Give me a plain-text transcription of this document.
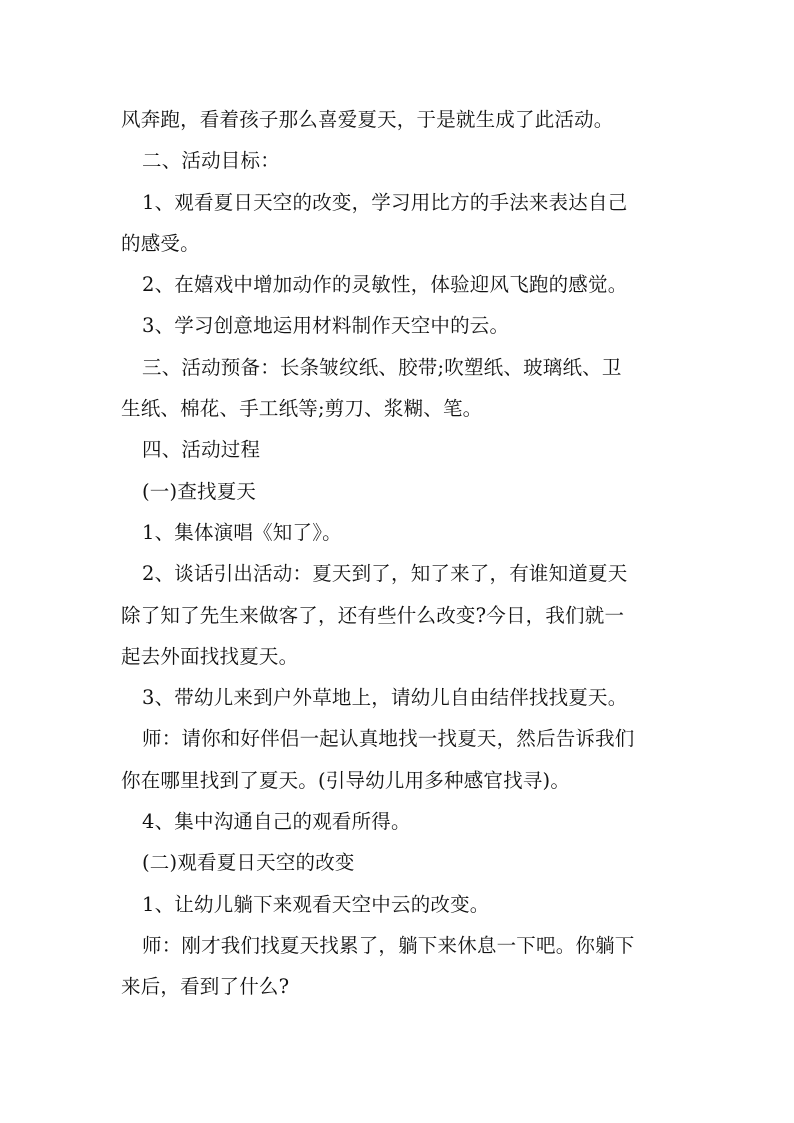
风奔跑，看着孩子那么喜爱夏天，于是就生成了此活动。
二、活动目标：
1、观看夏日天空的改变，学习用比方的手法来表达自己
的感受。
2、在嬉戏中增加动作的灵敏性，体验迎风飞跑的感觉。
3、学习创意地运用材料制作天空中的云。
三、活动预备：长条皱纹纸、胶带;吹塑纸、玻璃纸、卫
生纸、棉花、手工纸等;剪刀、浆糊、笔。
四、活动过程
(一)查找夏天
1、集体演唱《知了》。
2、谈话引出活动：夏天到了，知了来了，有谁知道夏天
除了知了先生来做客了，还有些什么改变?今日，我们就一
起去外面找找夏天。
3、带幼儿来到户外草地上，请幼儿自由结伴找找夏天。
师：请你和好伴侣一起认真地找一找夏天，然后告诉我们
你在哪里找到了夏天。(引导幼儿用多种感官找寻)。
4、集中沟通自己的观看所得。
(二)观看夏日天空的改变
1、让幼儿躺下来观看天空中云的改变。
师：刚才我们找夏天找累了，躺下来休息一下吧。你躺下
来后，看到了什么?
